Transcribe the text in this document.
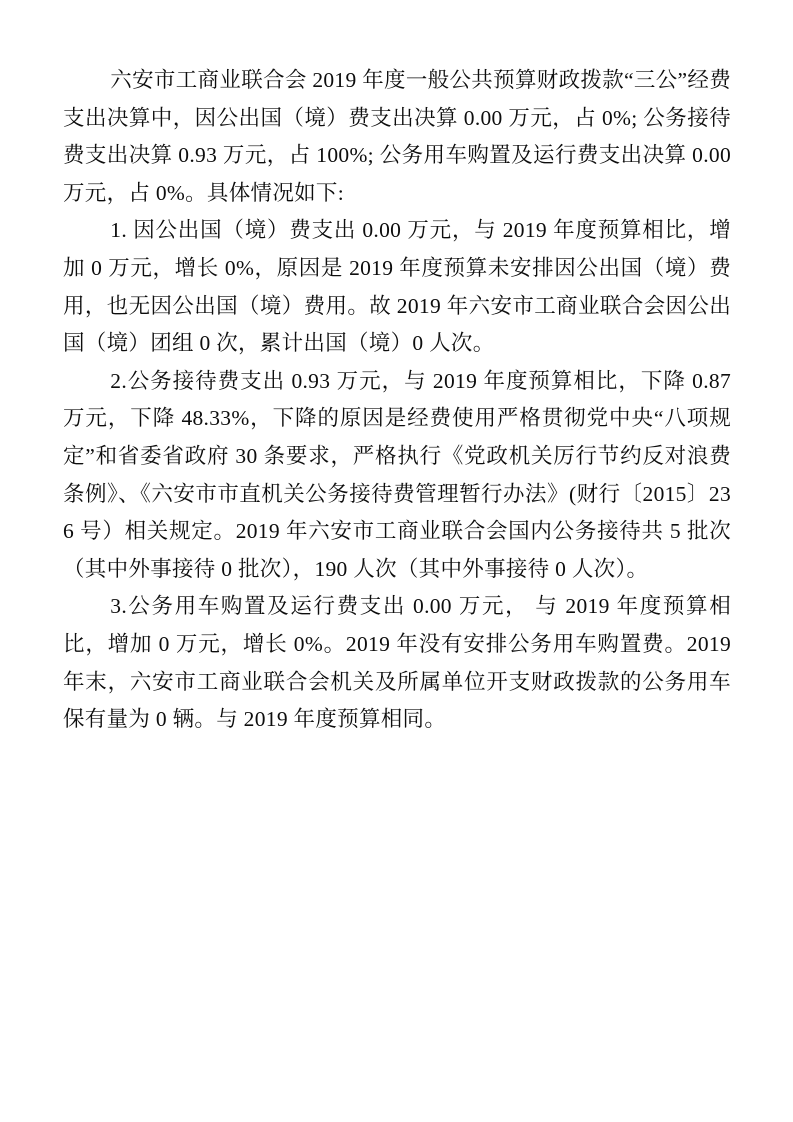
六安市工商业联合会 2019 年度一般公共预算财政拨款“三公”经费支出决算中，因公出国（境）费支出决算 0.00 万元，占 0%; 公务接待费支出决算 0.93 万元，占 100%; 公务用车购置及运行费支出决算 0.00 万元，占 0%。具体情况如下:

1. 因公出国（境）费支出 0.00 万元，与 2019 年度预算相比，增加 0 万元，增长 0%，原因是 2019 年度预算未安排因公出国（境）费用，也无因公出国（境）费用。故 2019 年六安市工商业联合会因公出国（境）团组 0 次，累计出国（境）0 人次。

2.公务接待费支出 0.93 万元，与 2019 年度预算相比，下降 0.87 万元，下降 48.33%，下降的原因是经费使用严格贯彻党中央“八项规定”和省委省政府 30 条要求，严格执行《党政机关厉行节约反对浪费条例》、《六安市市直机关公务接待费管理暂行办法》(财行〔2015〕236 号）相关规定。2019 年六安市工商业联合会国内公务接待共 5 批次（其中外事接待 0 批次），190 人次（其中外事接待 0 人次）。

3.公务用车购置及运行费支出 0.00 万元， 与 2019 年度预算相比，增加 0 万元，增长 0%。2019 年没有安排公务用车购置费。2019 年末，六安市工商业联合会机关及所属单位开支财政拨款的公务用车保有量为 0 辆。与 2019 年度预算相同。
